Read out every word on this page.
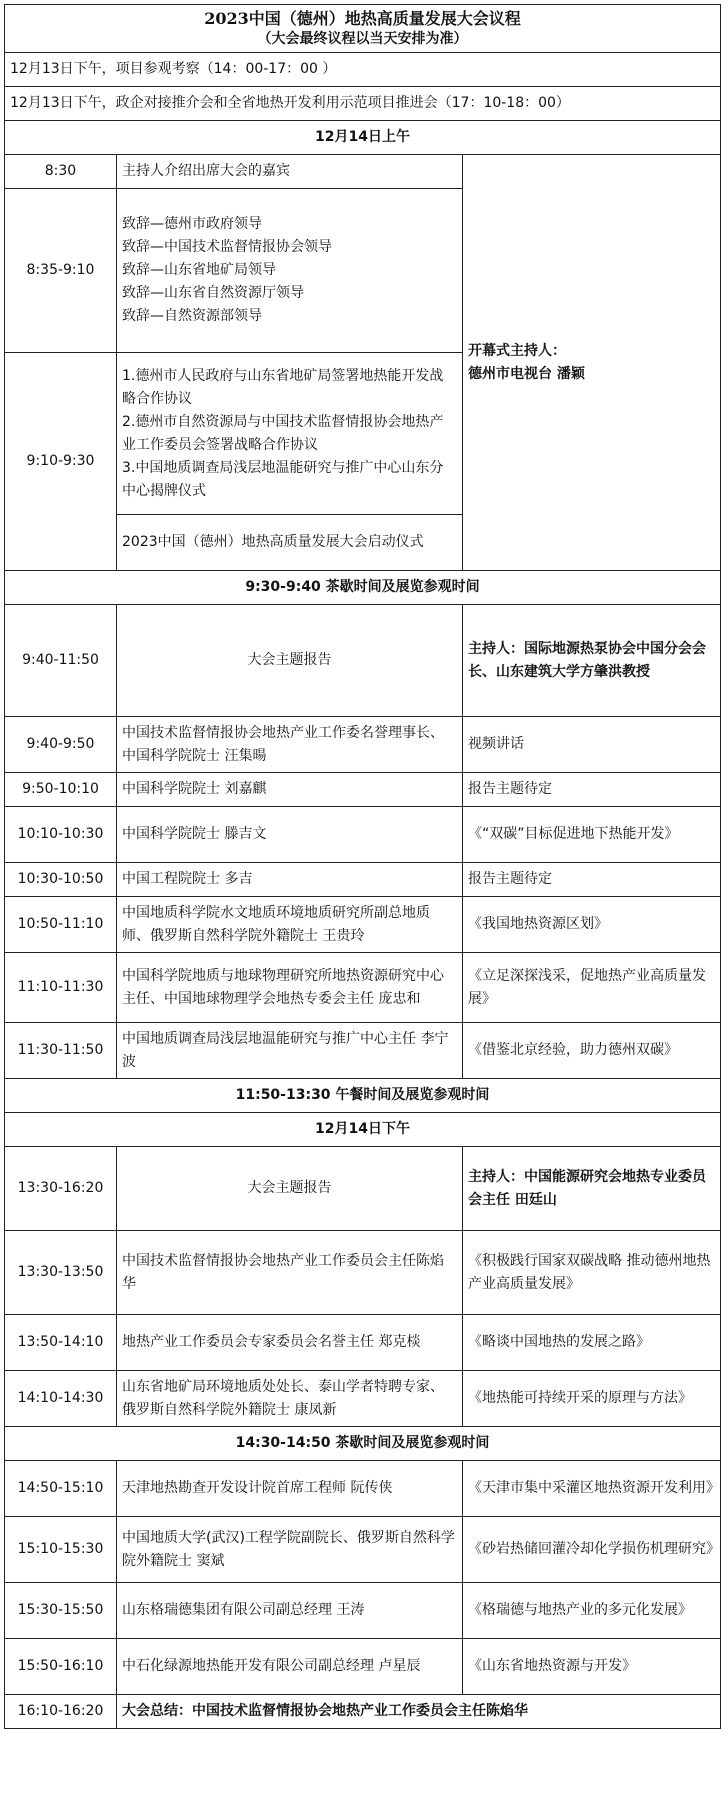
2023中国（德州）地热高质量发展大会议程
（大会最终议程以当天安排为准）		

12月13日下午，项目参观考察（14：00-17：00 ）		
12月13日下午，政企对接推介会和全省地热开发利用示范项目推进会（17：10-18：00）		
12月14日上午		
8:30	主持人介绍出席大会的嘉宾	开幕式主持人：
德州市电视台 潘颖

8:35-9:10	致辞—德州市政府领导
致辞—中国技术监督情报协会领导
致辞—山东省地矿局领导
致辞—山东省自然资源厅领导
致辞—自然资源部领导	

9:10-9:30	1.德州市人民政府与山东省地矿局签署地热能开发战略合作协议
2.德州市自然资源局与中国技术监督情报协会地热产业工作委员会签署战略合作协议
3.中国地质调查局浅层地温能研究与推广中心山东分中心揭牌仪式	

	2023中国（德州）地热高质量发展大会启动仪式	
9:30-9:40 茶歇时间及展览参观时间		
9:40-11:50	大会主题报告	主持人：国际地源热泵协会中国分会会长、山东建筑大学方肇洪教授
9:40-9:50	中国技术监督情报协会地热产业工作委名誉理事长、中国科学院院士 汪集暘	视频讲话
9:50-10:10	中国科学院院士 刘嘉麒	报告主题待定
10:10-10:30	中国科学院院士 滕吉文	《“双碳”目标促进地下热能开发》
10:30-10:50	中国工程院院士 多吉	报告主题待定
10:50-11:10	中国地质科学院水文地质环境地质研究所副总地质师、俄罗斯自然科学院外籍院士 王贵玲	《我国地热资源区划》
11:10-11:30	中国科学院地质与地球物理研究所地热资源研究中心主任、中国地球物理学会地热专委会主任 庞忠和	《立足深探浅采，促地热产业高质量发展》
11:30-11:50	中国地质调查局浅层地温能研究与推广中心主任 李宁波	《借鉴北京经验，助力德州双碳》
11:50-13:30 午餐时间及展览参观时间		
12月14日下午		
13:30-16:20	大会主题报告	主持人：中国能源研究会地热专业委员会主任 田廷山
13:30-13:50	中国技术监督情报协会地热产业工作委员会主任陈焰华	《积极践行国家双碳战略 推动德州地热产业高质量发展》
13:50-14:10	地热产业工作委员会专家委员会名誉主任 郑克棪	《略谈中国地热的发展之路》
14:10-14:30	山东省地矿局环境地质处处长、泰山学者特聘专家、俄罗斯自然科学院外籍院士 康凤新	《地热能可持续开采的原理与方法》
14:30-14:50 茶歇时间及展览参观时间		
14:50-15:10	天津地热勘查开发设计院首席工程师 阮传侠	《天津市集中采灌区地热资源开发利用》
15:10-15:30	中国地质大学(武汉)工程学院副院长、俄罗斯自然科学院外籍院士 窦斌	《砂岩热储回灌冷却化学损伤机理研究》
15:30-15:50	山东格瑞德集团有限公司副总经理 王涛	《格瑞德与地热产业的多元化发展》
15:50-16:10	中石化绿源地热能开发有限公司副总经理 卢星辰	《山东省地热资源与开发》
16:10-16:20	大会总结：中国技术监督情报协会地热产业工作委员会主任陈焰华	
